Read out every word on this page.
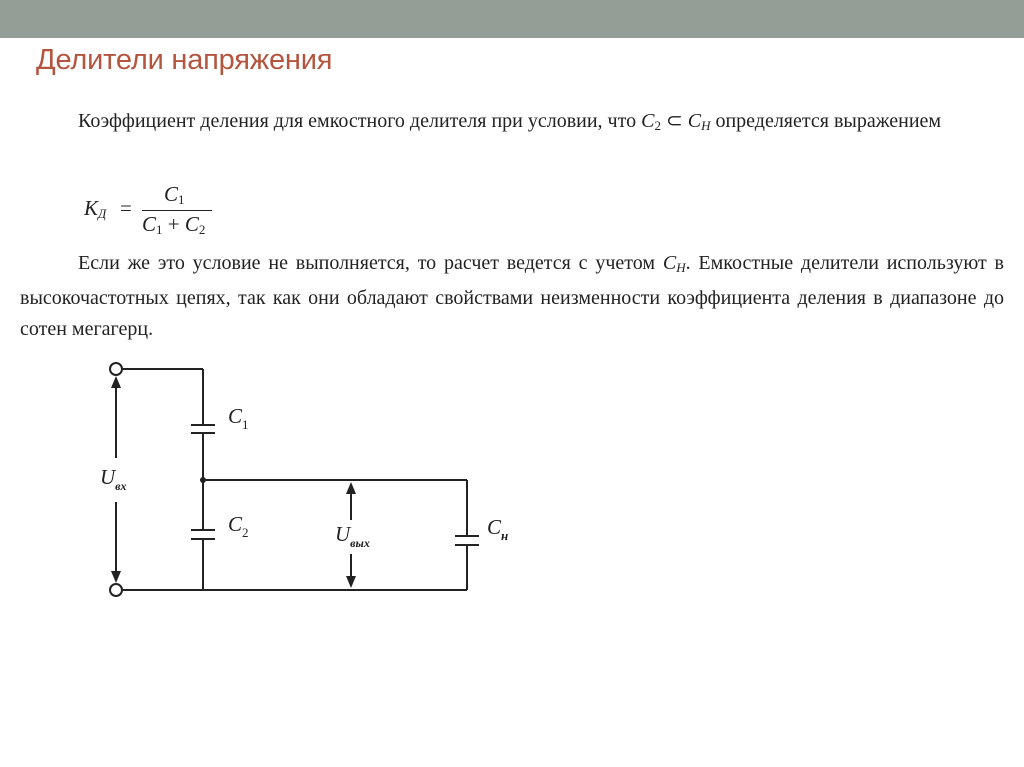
Делители напряжения

Коэффициент деления для емкостного делителя при условии, что $C_2$ ⊂ CH определяется выражением

KД =
$C_1$
$C_1 + C_2$

Если же это условие не выполняется, то расчет ведется с учетом CH. Емкостные делители используют в высокочастотных цепях, так как они обладают свойствами неизменности коэффициента деления в диапазоне до сотен мегагерц.

$C_1$
$C_2$	$C_н$
$U_{вх}$
$U_{вых}$
